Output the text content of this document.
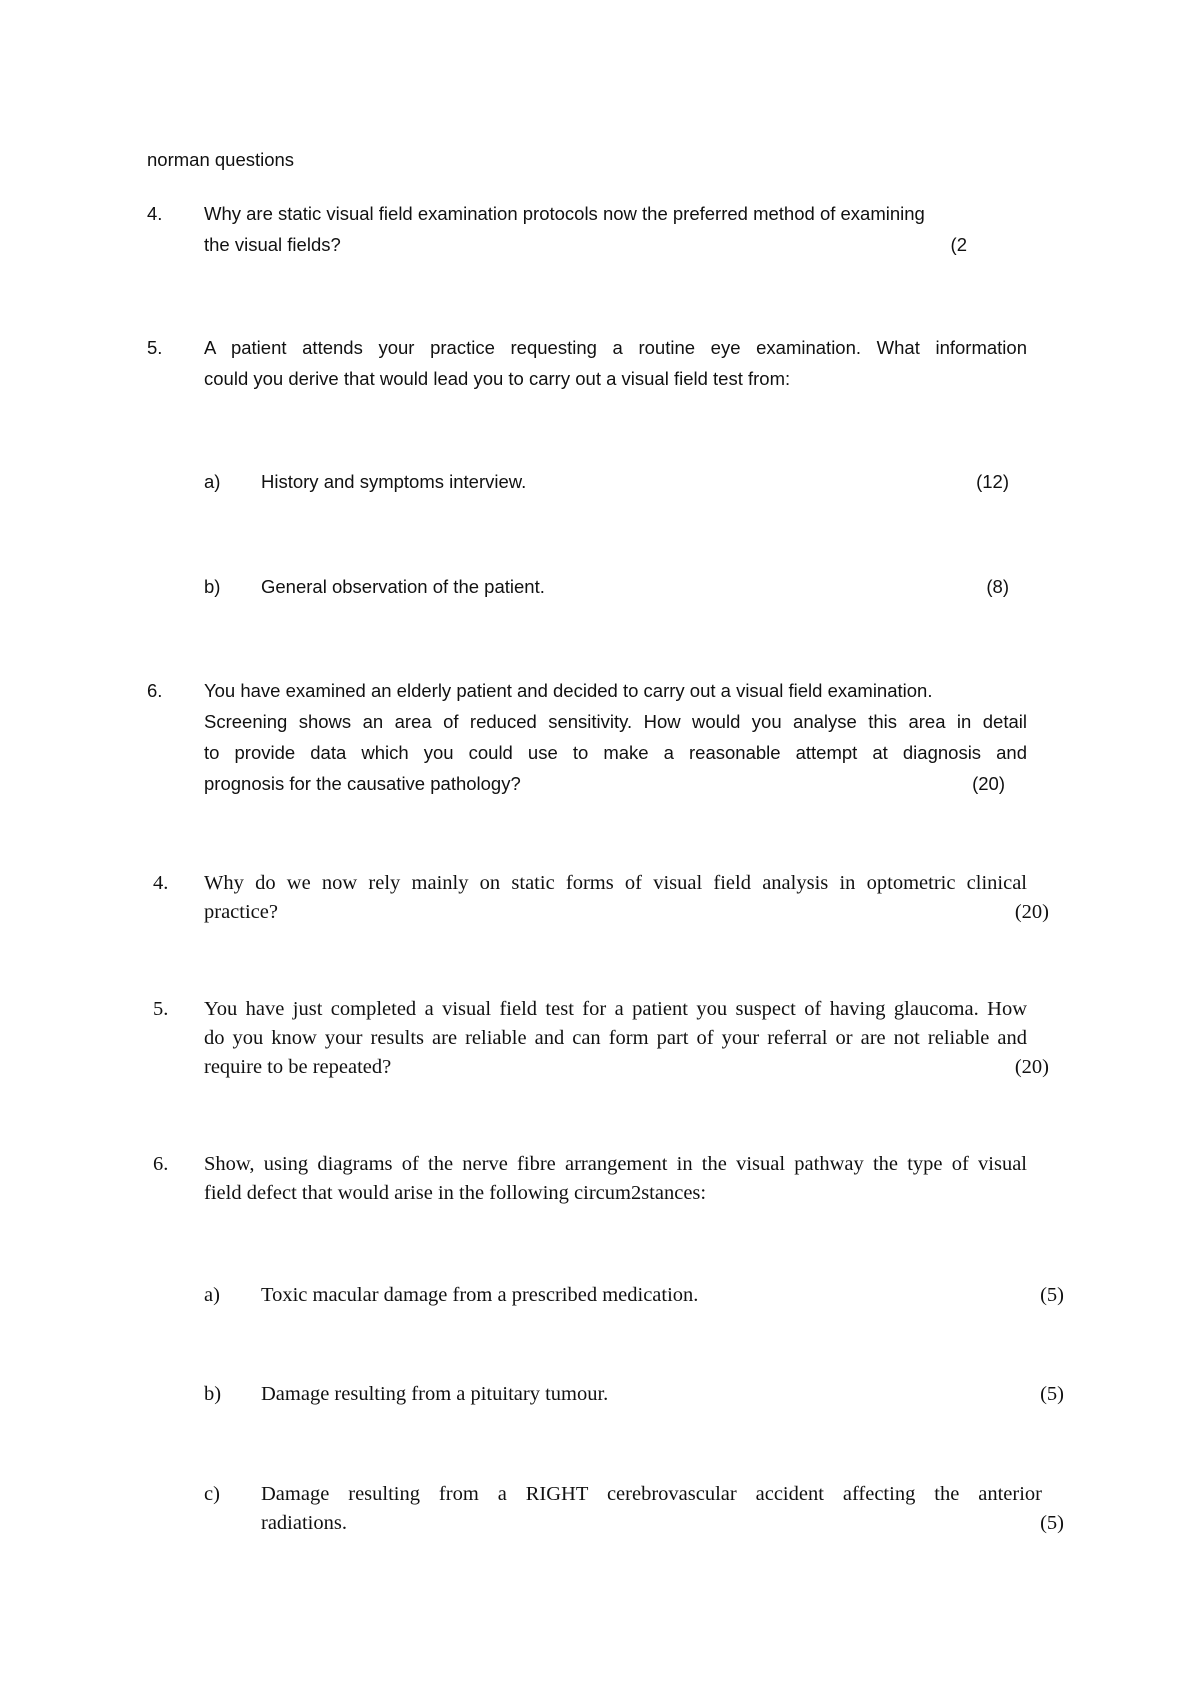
norman questions

4. Why are static visual field examination protocols now the preferred method of examining
the visual fields?	(2
5. A patient attends your practice requesting a routine eye examination. What information
could you derive that would lead you to carry out a visual field test from:
a) History and symptoms interview.	(12)
b) General observation of the patient.	(8)
6. You have examined an elderly patient and decided to carry out a visual field examination.
Screening shows an area of reduced sensitivity. How would you analyse this area in detail
to provide data which you could use to make a reasonable attempt at diagnosis and
prognosis for the causative pathology?	(20)
4. Why do we now rely mainly on static forms of visual field analysis in optometric clinical
practice?	(20)
5. You have just completed a visual field test for a patient you suspect of having glaucoma. How
do you know your results are reliable and can form part of your referral or are not reliable and
require to be repeated?	(20)
6. Show, using diagrams of the nerve fibre arrangement in the visual pathway the type of visual
field defect that would arise in the following circum2stances:
a) Toxic macular damage from a prescribed medication.	(5)
b) Damage resulting from a pituitary tumour.	(5)
c) Damage resulting from a RIGHT cerebrovascular accident affecting the anterior
radiations.	(5)
